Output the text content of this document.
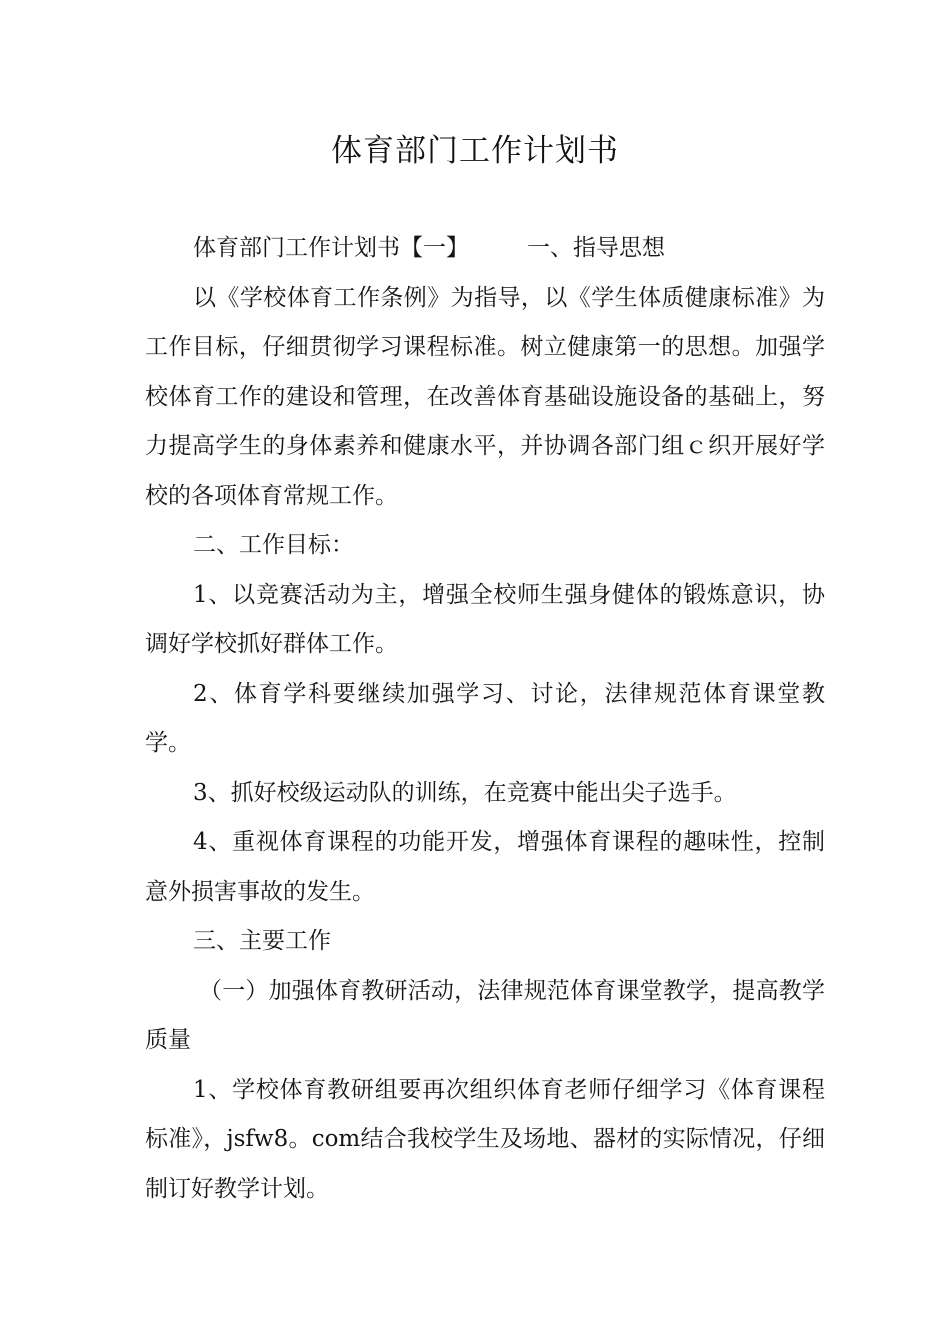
体育部门工作计划书

体育部门工作计划书【一】	一、指导思想

以《学校体育工作条例》为指导，以《学生体质健康标准》为工作目标，仔细贯彻学习课程标准。树立健康第一的思想。加强学校体育工作的建设和管理，在改善体育基础设施设备的基础上，努力提高学生的身体素养和健康水平，并协调各部门组ｃ织开展好学校的各项体育常规工作。

二、工作目标：

1、以竞赛活动为主，增强全校师生强身健体的锻炼意识，协调好学校抓好群体工作。

2、体育学科要继续加强学习、讨论，法律规范体育课堂教学。

3、抓好校级运动队的训练，在竞赛中能出尖子选手。

4、重视体育课程的功能开发，增强体育课程的趣味性，控制意外损害事故的发生。

三、主要工作

（一）加强体育教研活动，法律规范体育课堂教学，提高教学质量

1、学校体育教研组要再次组织体育老师仔细学习《体育课程标准》，jsfw8。com结合我校学生及场地、器材的实际情况，仔细制订好教学计划。
